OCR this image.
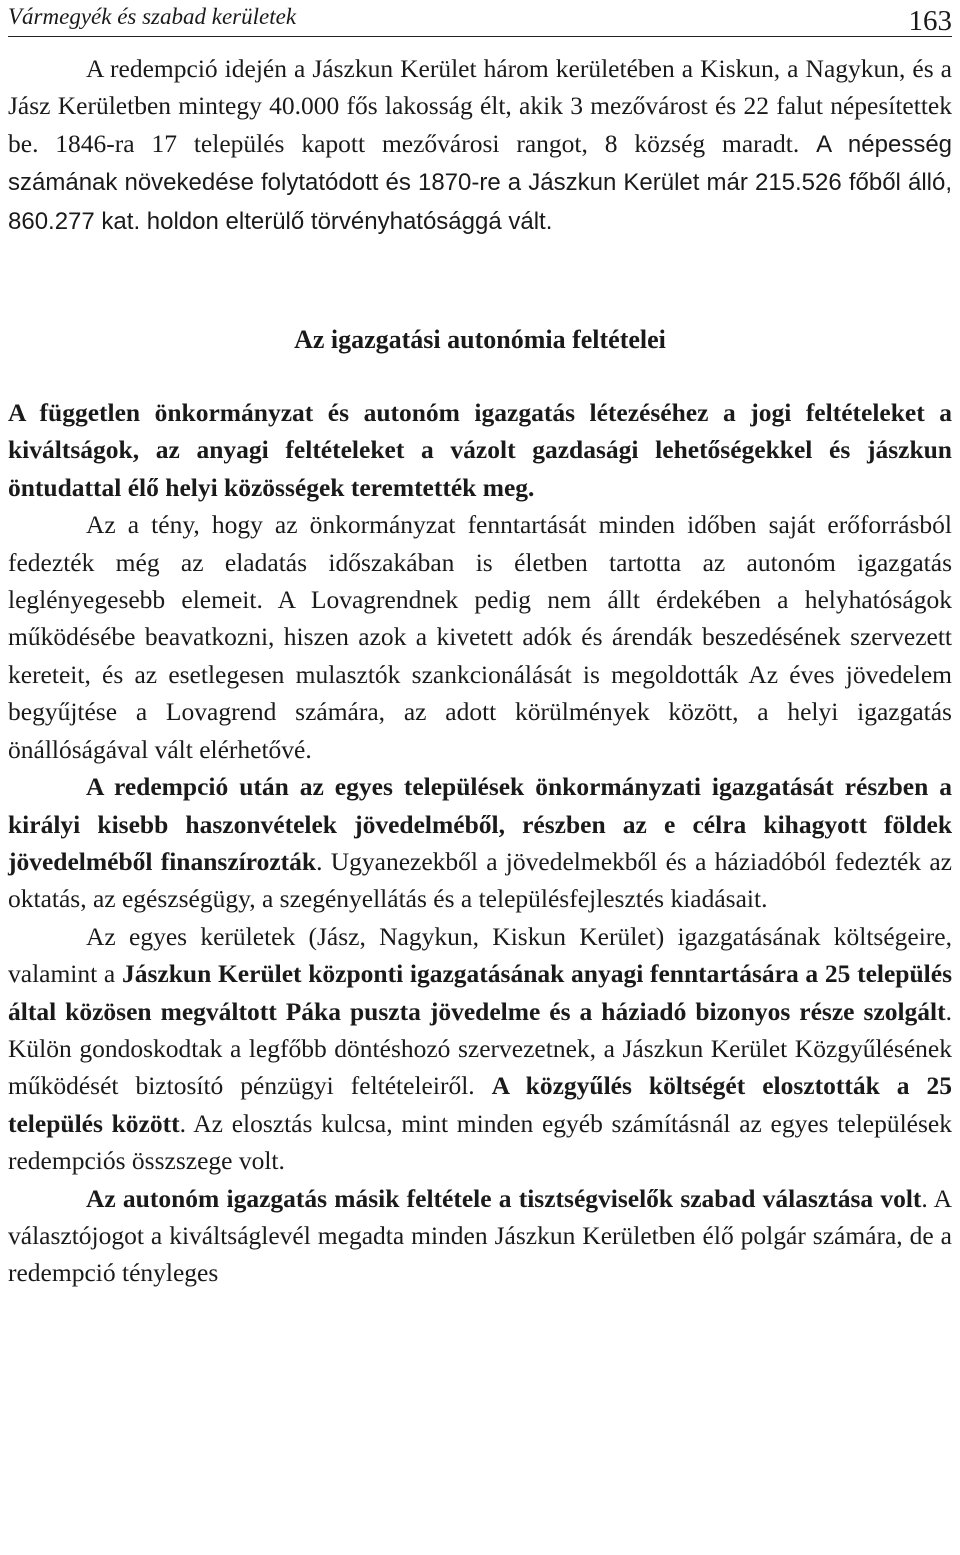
Vármegyék és szabad kerületek	163

A redempció idején a Jászkun Kerület három kerületében a Kiskun, a Nagykun, és a Jász Kerületben mintegy 40.000 fős lakosság élt, akik 3 mezővárost és 22 falut népesítettek be. 1846-ra 17 település kapott mezővárosi rangot, 8 község maradt. A népesség számának növekedése folytatódott és 1870-re a Jászkun Kerület már 215.526 főből álló, 860.277 kat. holdon elterülő törvényhatósággá vált.

Az igazgatási autonómia feltételei

A független önkormányzat és autonóm igazgatás létezéséhez a jogi feltételeket a kiváltságok, az anyagi feltételeket a vázolt gazdasági lehetőségekkel és jászkun öntudattal élő helyi közösségek teremtették meg.

Az a tény, hogy az önkormányzat fenntartását minden időben saját erőforrásból fedezték még az eladatás időszakában is életben tartotta az autonóm igazgatás leglényegesebb elemeit. A Lovagrendnek pedig nem állt érdekében a helyhatóságok működésébe beavatkozni, hiszen azok a kivetett adók és árendák beszedésének szervezett kereteit, és az esetlegesen mulasztók szankcionálását is megoldották Az éves jövedelem begyűjtése a Lovagrend számára, az adott körülmények között, a helyi igazgatás önállóságával vált elérhetővé.

A redempció után az egyes települések önkormányzati igazgatását részben a királyi kisebb haszonvételek jövedelméből, részben az e célra kihagyott földek jövedelméből finanszírozták. Ugyanezekből a jövedelmekből és a háziadóból fedezték az oktatás, az egészségügy, a szegényellátás és a településfejlesztés kiadásait.

Az egyes kerületek (Jász, Nagykun, Kiskun Kerület) igazgatásának költségeire, valamint a Jászkun Kerület központi igazgatásának anyagi fenntartására a 25 település által közösen megváltott Páka puszta jövedelme és a háziadó bizonyos része szolgált. Külön gondoskodtak a legfőbb döntéshozó szervezetnek, a Jászkun Kerület Közgyűlésének működését biztosító pénzügyi feltételeiről. A közgyűlés költségét elosztották a 25 település között. Az elosztás kulcsa, mint minden egyéb számításnál az egyes települések redempciós összszege volt.

Az autonóm igazgatás másik feltétele a tisztségviselők szabad választása volt. A választójogot a kiváltságlevél megadta minden Jászkun Kerületben élő polgár számára, de a redempció tényleges
